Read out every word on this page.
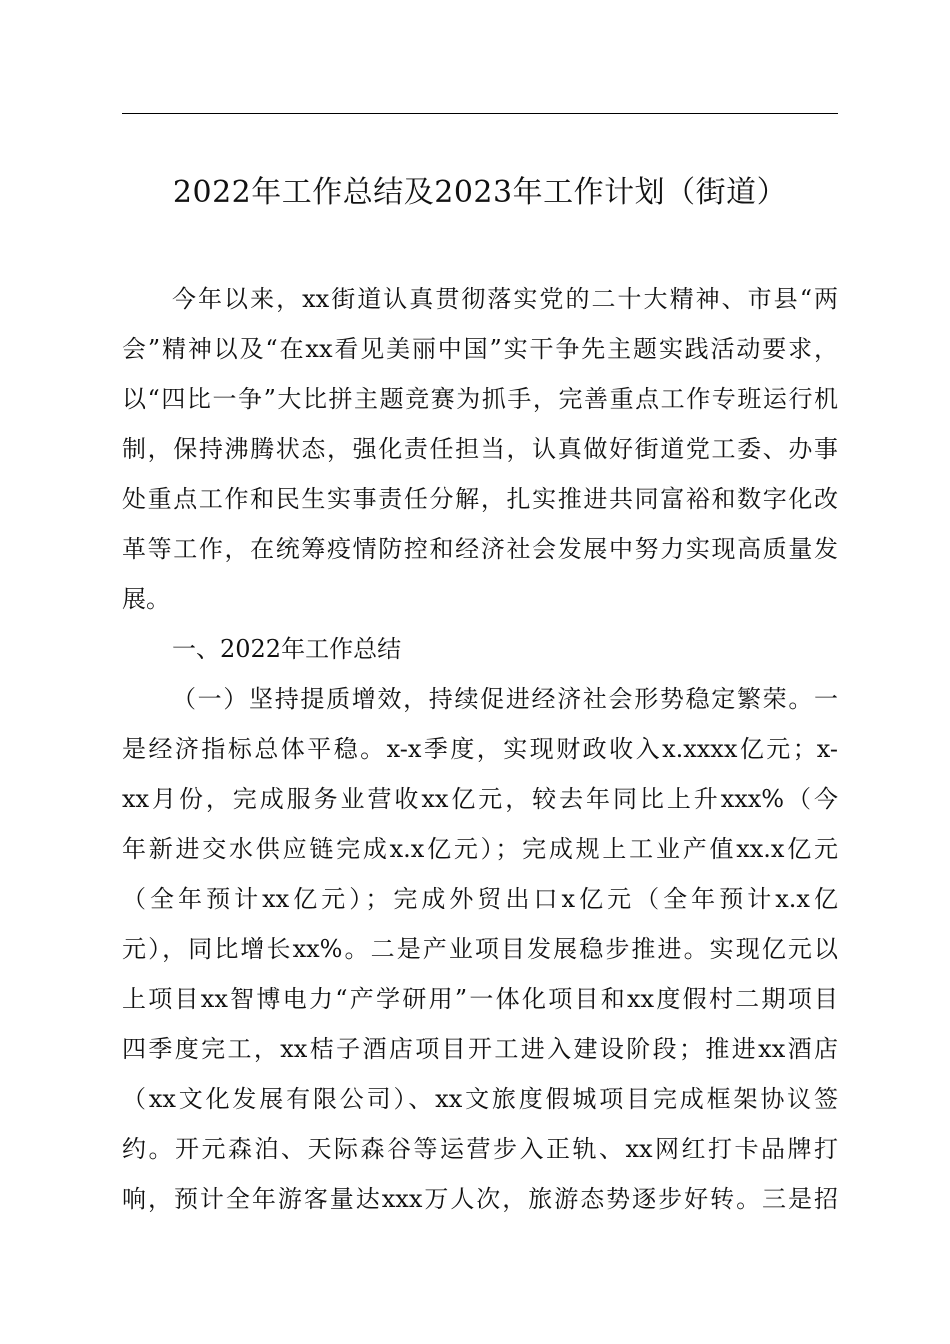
2022年工作总结及2023年工作计划（街道）
今年以来，xx街道认真贯彻落实党的二十大精神、市县“两
会”精神以及“在xx看见美丽中国”实干争先主题实践活动要求，
以“四比一争”大比拼主题竞赛为抓手，完善重点工作专班运行机
制，保持沸腾状态，强化责任担当，认真做好街道党工委、办事
处重点工作和民生实事责任分解，扎实推进共同富裕和数字化改
革等工作，在统筹疫情防控和经济社会发展中努力实现高质量发
展。
一、2022年工作总结
（一）坚持提质增效，持续促进经济社会形势稳定繁荣。一
是经济指标总体平稳。x-x季度，实现财政收入x.xxxx亿元；x-
xx月份，完成服务业营收xx亿元，较去年同比上升xxx%（今
年新进交水供应链完成x.x亿元）；完成规上工业产值xx.x亿元
（全年预计xx亿元）；完成外贸出口x亿元（全年预计x.x亿
元），同比增长xx%。二是产业项目发展稳步推进。实现亿元以
上项目xx智博电力“产学研用”一体化项目和xx度假村二期项目
四季度完工，xx桔子酒店项目开工进入建设阶段；推进xx酒店
（xx文化发展有限公司）、xx文旅度假城项目完成框架协议签
约。开元森泊、天际森谷等运营步入正轨、xx网红打卡品牌打
响，预计全年游客量达xxx万人次，旅游态势逐步好转。三是招
